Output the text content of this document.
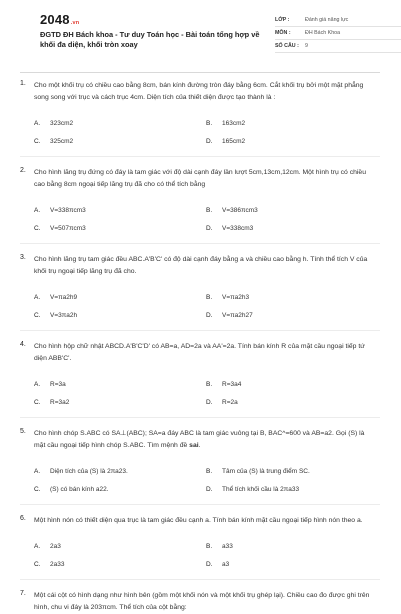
2048.vn
ĐGTD ĐH Bách khoa - Tư duy Toán học - Bài toán tổng hợp về khối đa diện, khối tròn xoay
LỚP :	Đánh giá năng lực
MÔN :	ĐH Bách Khoa
SỐ CÂU :	9
1. Cho một khối trụ có chiều cao bằng 8cm, bán kính đường tròn đáy bằng 6cm. Cắt khối trụ bởi một mặt phẳng song song với trục và cách trục 4cm. Diện tích của thiết diện được tạo thành là :
A.	323cm2	B.	163cm2
C.	325cm2	D.	165cm2
2. Cho hình lăng trụ đứng có đáy là tam giác với độ dài cạnh đáy lần lượt 5cm,13cm,12cm. Một hình trụ có chiều cao bằng 8cm ngoại tiếp lăng trụ đã cho có thể tích bằng
A.	V=338πcm3	B.	V=386πcm3
C.	V=507πcm3	D.	V=338cm3
3. Cho hình lăng trụ tam giác đều ABC.A'B'C' có độ dài cạnh đáy bằng a và chiều cao bằng h. Tính thể tích V của khối trụ ngoại tiếp lăng trụ đã cho.
A.	V=πa2h9	B.	V=πa2h3
C.	V=3πa2h	D.	V=πa2h27
4. Cho hình hộp chữ nhật ABCD.A'B'C'D' có AB=a, AD=2a và AA'=2a. Tính bán kính R của mặt cầu ngoại tiếp tứ diện ABB'C'.
A.	R=3a	B.	R=3a4
C.	R=3a2	D.	R=2a
5. Cho hình chóp S.ABC có SA⊥(ABC); SA=a đáy ABC là tam giác vuông tại B, BAC^=600 và AB=a2. Gọi (S) là mặt cầu ngoại tiếp hình chóp S.ABC. Tìm mệnh đề sai.
A.	Diện tích của (S) là 2πa23.	B.	Tâm của (S) là trung điểm SC.
C.	(S) có bán kính a22.	D.	Thể tích khối cầu là 2πa33
6. Một hình nón có thiết diện qua trục là tam giác đều cạnh a. Tính bán kính mặt cầu ngoại tiếp hình nón theo a.
A.	2a3	B.	a33
C.	2a33	D.	a3
7. Một cái cột có hình dạng như hình bên (gồm một khối nón và một khối trụ ghép lại). Chiều cao đo được ghi trên hình, chu vi đáy là 203πcm. Thể tích của cột bằng:
